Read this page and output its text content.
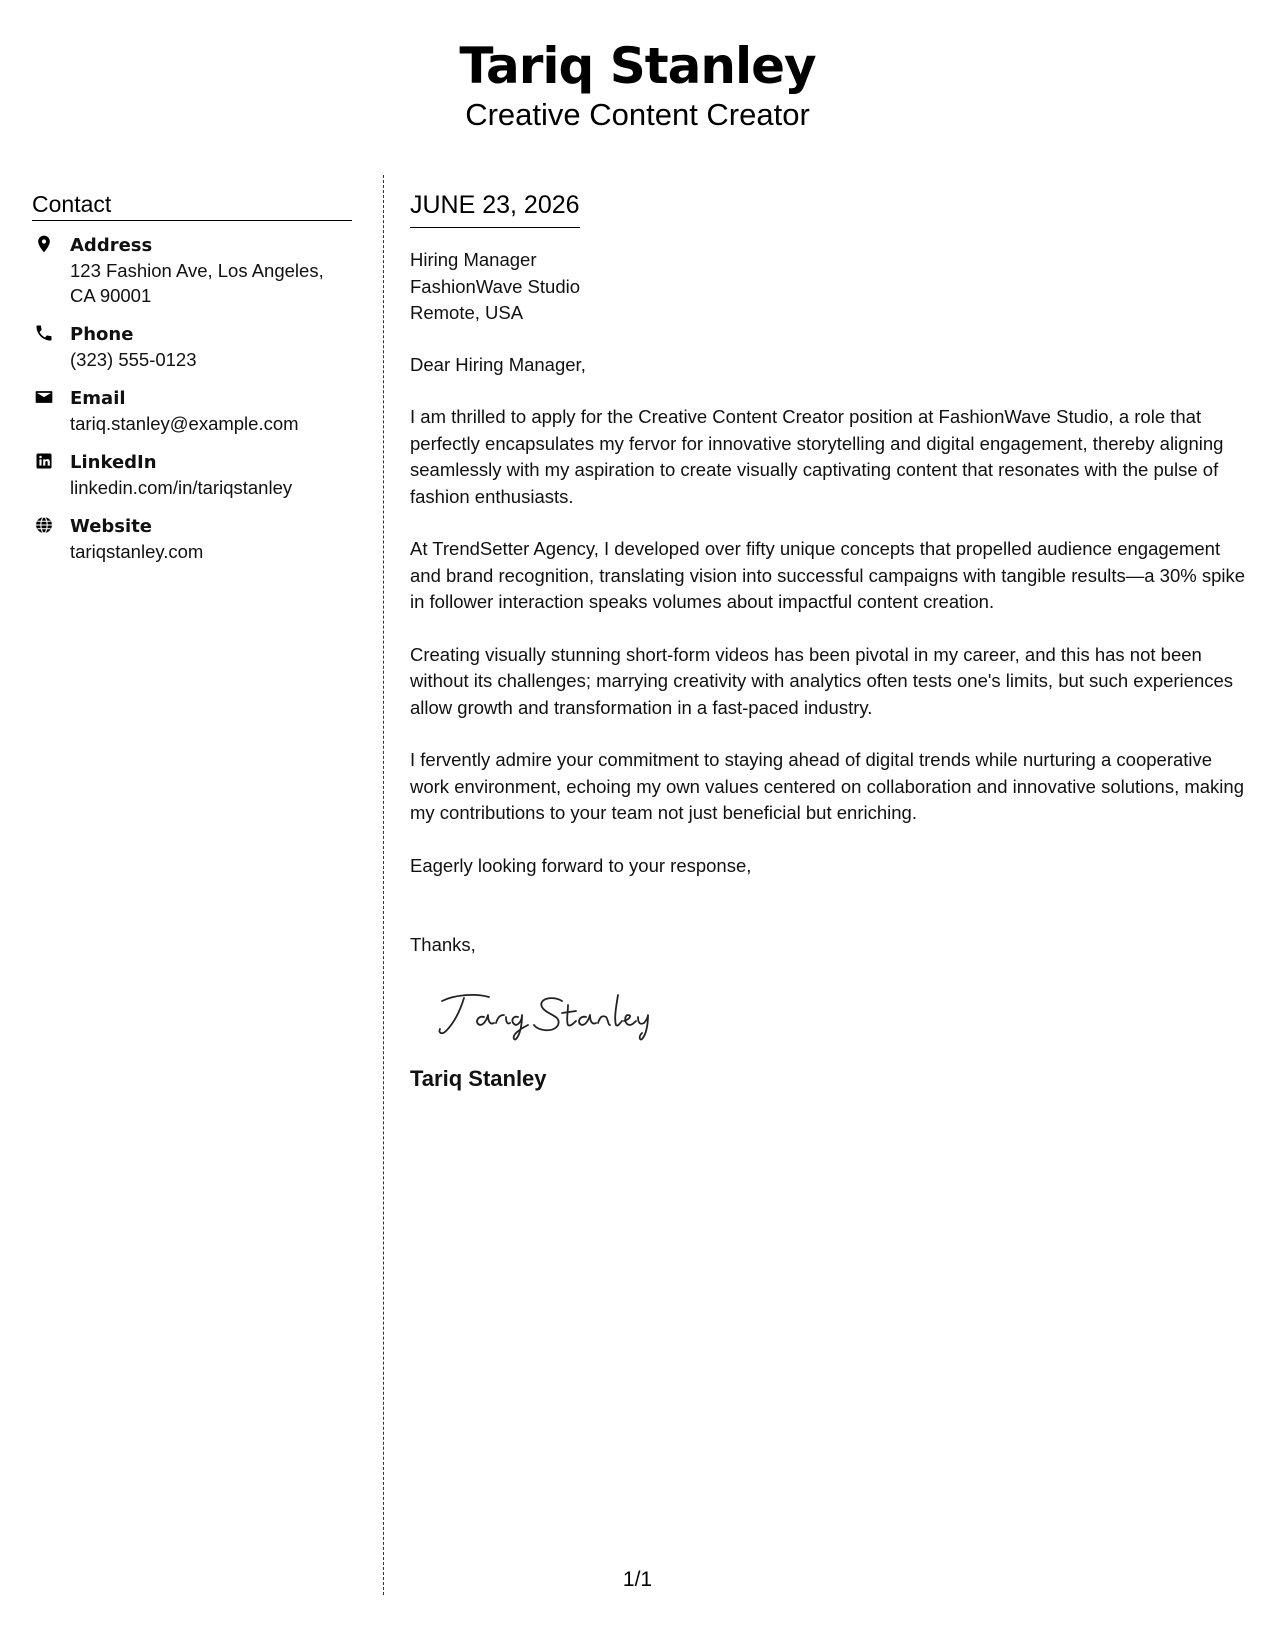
Tariq Stanley
Creative Content Creator
Contact
Address
123 Fashion Ave, Los Angeles, CA 90001
Phone
(323) 555-0123
Email
tariq.stanley@example.com
LinkedIn
linkedin.com/in/tariqstanley
Website
tariqstanley.com
JUNE 23, 2026
Hiring Manager
FashionWave Studio
Remote, USA
Dear Hiring Manager,
I am thrilled to apply for the Creative Content Creator position at FashionWave Studio, a role that perfectly encapsulates my fervor for innovative storytelling and digital engagement, thereby aligning seamlessly with my aspiration to create visually captivating content that resonates with the pulse of fashion enthusiasts.
At TrendSetter Agency, I developed over fifty unique concepts that propelled audience engagement and brand recognition, translating vision into successful campaigns with tangible results—a 30% spike in follower interaction speaks volumes about impactful content creation.
Creating visually stunning short-form videos has been pivotal in my career, and this has not been without its challenges; marrying creativity with analytics often tests one's limits, but such experiences allow growth and transformation in a fast-paced industry.
I fervently admire your commitment to staying ahead of digital trends while nurturing a cooperative work environment, echoing my own values centered on collaboration and innovative solutions, making my contributions to your team not just beneficial but enriching.
Eagerly looking forward to your response,
Thanks,
Tariq Stanley
1/1
